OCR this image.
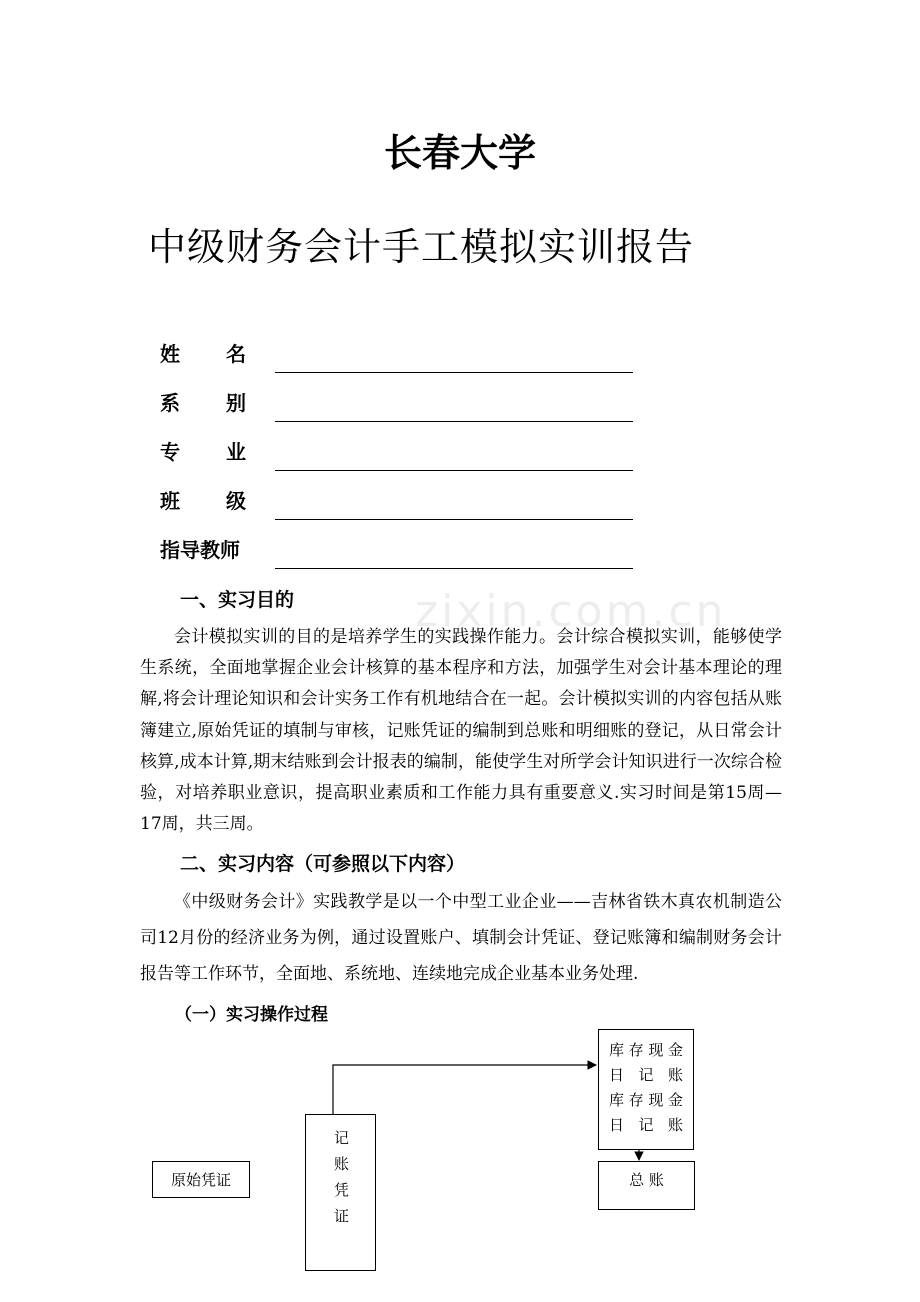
长春大学
中级财务会计手工模拟实训报告
姓 名
系 别
专 业
班 级
指导教师
zixin.com.cn
一、实习目的
会计模拟实训的目的是培养学生的实践操作能力。会计综合模拟实训，能够使学生系统，全面地掌握企业会计核算的基本程序和方法，加强学生对会计基本理论的理解,将会计理论知识和会计实务工作有机地结合在一起。会计模拟实训的内容包括从账簿建立,原始凭证的填制与审核，记账凭证的编制到总账和明细账的登记，从日常会计核算,成本计算,期末结账到会计报表的编制，能使学生对所学会计知识进行一次综合检验，对培养职业意识，提高职业素质和工作能力具有重要意义.实习时间是第15周—17周，共三周。
二、实习内容（可参照以下内容）
《中级财务会计》实践教学是以一个中型工业企业——吉林省铁木真农机制造公司12月份的经济业务为例，通过设置账户、填制会计凭证、登记账簿和编制财务会计报告等工作环节，全面地、系统地、连续地完成企业基本业务处理.
（一）实习操作过程
原始凭证
记账凭证
库存现金
日 记 账
库存现金
日 记 账
总 账
